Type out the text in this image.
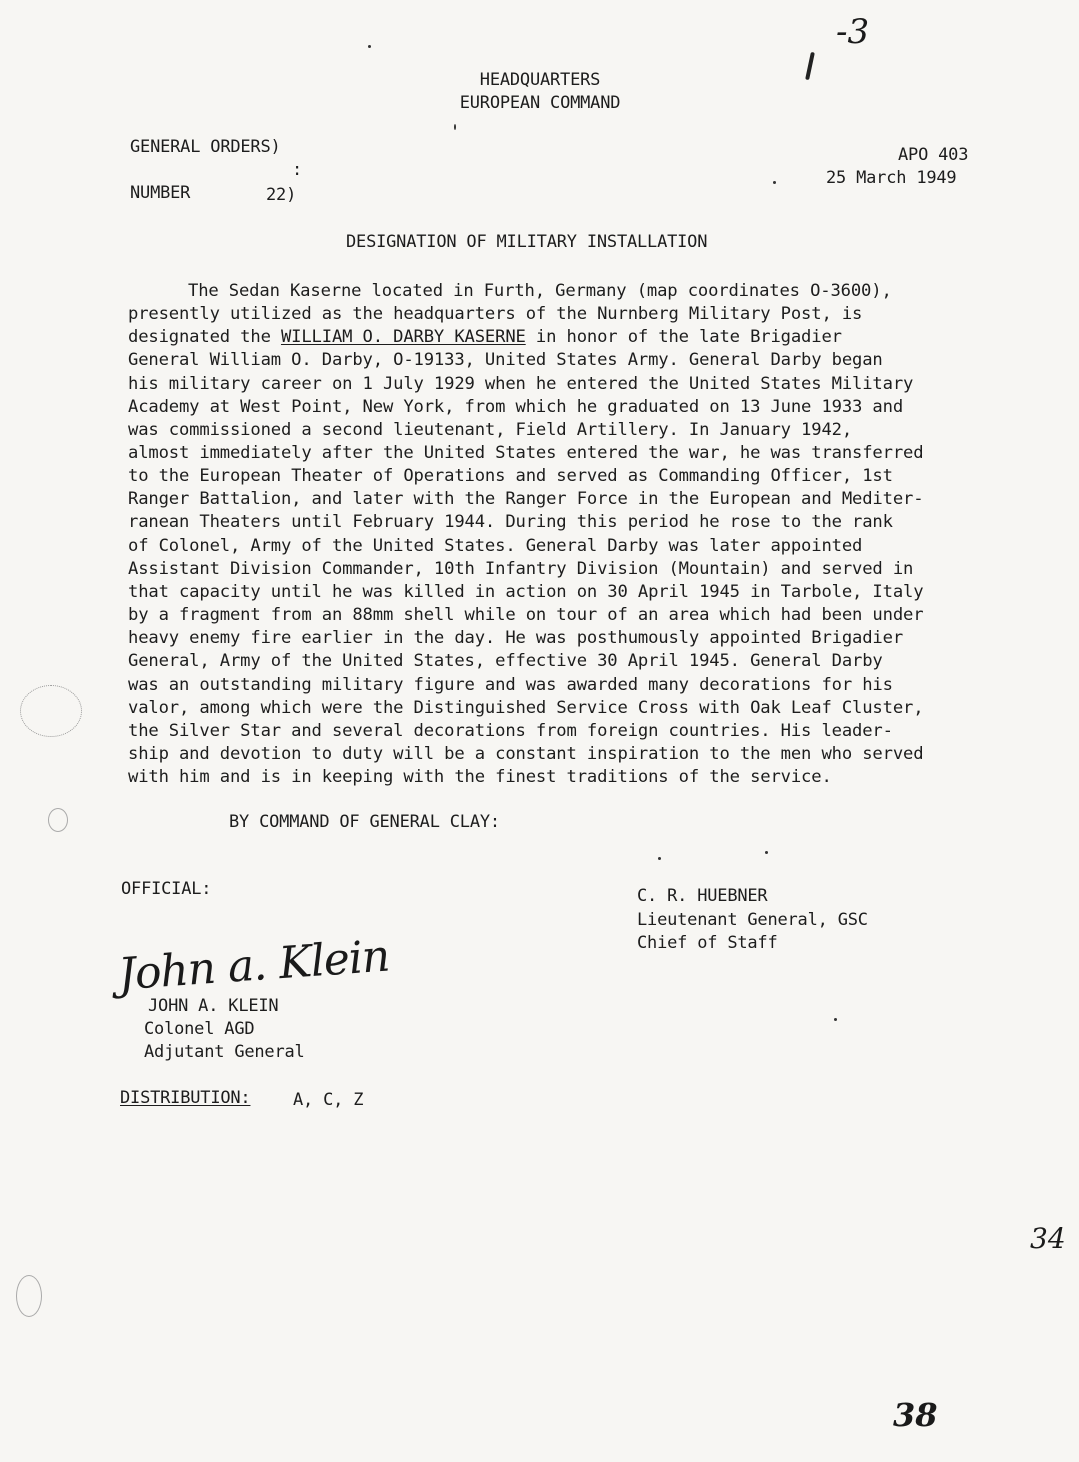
-3
HEADQUARTERS
EUROPEAN COMMAND
GENERAL ORDERS)
:
NUMBER	22)
APO 403
25 March 1949
DESIGNATION OF MILITARY INSTALLATION
The Sedan Kaserne located in Furth, Germany (map coordinates O-3600),
presently utilized as the headquarters of the Nurnberg Military Post, is
designated the WILLIAM O. DARBY KASERNE in honor of the late Brigadier
General William O. Darby, O-19133, United States Army. General Darby began
his military career on 1 July 1929 when he entered the United States Military
Academy at West Point, New York, from which he graduated on 13 June 1933 and
was commissioned a second lieutenant, Field Artillery. In January 1942,
almost immediately after the United States entered the war, he was transferred
to the European Theater of Operations and served as Commanding Officer, 1st
Ranger Battalion, and later with the Ranger Force in the European and Mediter-
ranean Theaters until February 1944. During this period he rose to the rank
of Colonel, Army of the United States. General Darby was later appointed
Assistant Division Commander, 10th Infantry Division (Mountain) and served in
that capacity until he was killed in action on 30 April 1945 in Tarbole, Italy
by a fragment from an 88mm shell while on tour of an area which had been under
heavy enemy fire earlier in the day. He was posthumously appointed Brigadier
General, Army of the United States, effective 30 April 1945. General Darby
was an outstanding military figure and was awarded many decorations for his
valor, among which were the Distinguished Service Cross with Oak Leaf Cluster,
the Silver Star and several decorations from foreign countries. His leader-
ship and devotion to duty will be a constant inspiration to the men who served
with him and is in keeping with the finest traditions of the service.
BY COMMAND OF GENERAL CLAY:
OFFICIAL:	C. R. HUEBNER
Lieutenant General, GSC
Chief of Staff
John a. Klein
JOHN A. KLEIN
Colonel AGD
Adjutant General
DISTRIBUTION:	A, C, Z
34
38
